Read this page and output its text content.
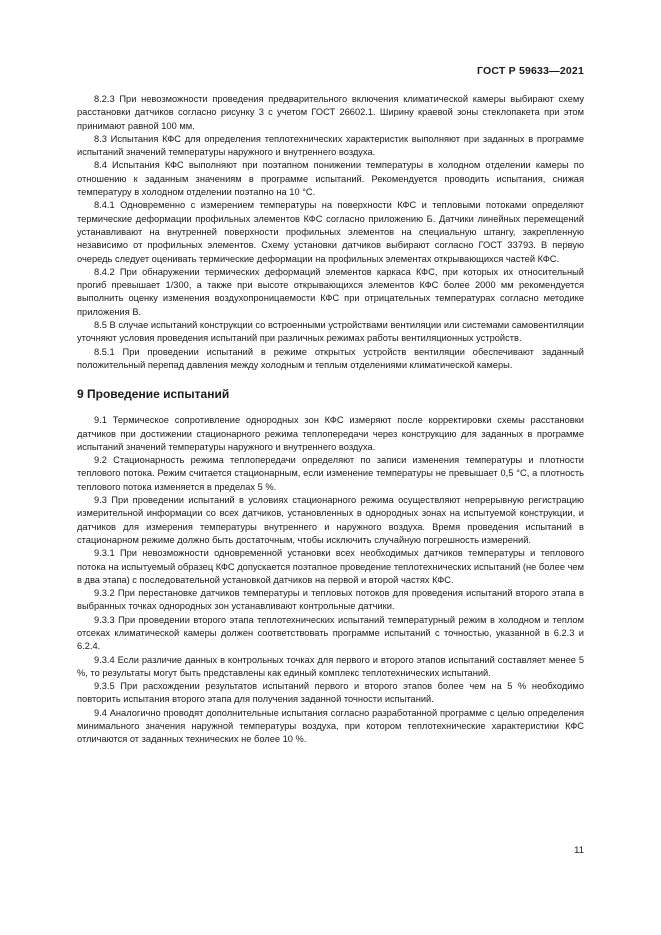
ГОСТ Р 59633—2021

8.2.3 При невозможности проведения предварительного включения климатической камеры выбирают схему расстановки датчиков согласно рисунку 3 с учетом ГОСТ 26602.1. Ширину краевой зоны стеклопакета при этом принимают равной 100 мм.

8.3 Испытания КФС для определения теплотехнических характеристик выполняют при заданных в программе испытаний значений температуры наружного и внутреннего воздуха.

8.4 Испытания КФС выполняют при поэтапном понижении температуры в холодном отделении камеры по отношению к заданным значениям в программе испытаний. Рекомендуется проводить испытания, снижая температуру в холодном отделении поэтапно на 10 °С.

8.4.1 Одновременно с измерением температуры на поверхности КФС и тепловыми потоками определяют термические деформации профильных элементов КФС согласно приложению Б. Датчики линейных перемещений устанавливают на внутренней поверхности профильных элементов на специальную штангу, закрепленную независимо от профильных элементов. Схему установки датчиков выбирают согласно ГОСТ 33793. В первую очередь следует оценивать термические деформации на профильных элементах открывающихся частей КФС.

8.4.2 При обнаружении термических деформаций элементов каркаса КФС, при которых их относительный прогиб превышает 1/300, а также при высоте открывающихся элементов КФС более 2000 мм рекомендуется выполнить оценку изменения воздухопроницаемости КФС при отрицательных температурах согласно методике приложения В.

8.5 В случае испытаний конструкции со встроенными устройствами вентиляции или системами самовентиляции уточняют условия проведения испытаний при различных режимах работы вентиляционных устройств.

8.5.1 При проведении испытаний в режиме открытых устройств вентиляции обеспечивают заданный положительный перепад давления между холодным и теплым отделениями климатической камеры.

9 Проведение испытаний

9.1 Термическое сопротивление однородных зон КФС измеряют после корректировки схемы расстановки датчиков при достижении стационарного режима теплопередачи через конструкцию для заданных в программе испытаний значений температуры наружного и внутреннего воздуха.

9.2 Стационарность режима теплопередачи определяют по записи изменения температуры и плотности теплового потока. Режим считается стационарным, если изменение температуры не превышает 0,5 °С, а плотность теплового потока изменяется в пределах 5 %.

9.3 При проведении испытаний в условиях стационарного режима осуществляют непрерывную регистрацию измерительной информации со всех датчиков, установленных в однородных зонах на испытуемой конструкции, и датчиков для измерения температуры внутреннего и наружного воздуха. Время проведения испытаний в стационарном режиме должно быть достаточным, чтобы исключить случайную погрешность измерений.

9.3.1 При невозможности одновременной установки всех необходимых датчиков температуры и теплового потока на испытуемый образец КФС допускается поэтапное проведение теплотехнических испытаний (не более чем в два этапа) с последовательной установкой датчиков на первой и второй частях КФС.

9.3.2 При перестановке датчиков температуры и тепловых потоков для проведения испытаний второго этапа в выбранных точках однородных зон устанавливают контрольные датчики.

9.3.3 При проведении второго этапа теплотехнических испытаний температурный режим в холодном и теплом отсеках климатической камеры должен соответствовать программе испытаний с точностью, указанной в 6.2.3 и 6.2.4.

9.3.4 Если различие данных в контрольных точках для первого и второго этапов испытаний составляет менее 5 %, то результаты могут быть представлены как единый комплекс теплотехнических испытаний.

9.3.5 При расхождении результатов испытаний первого и второго этапов более чем на 5 % необходимо повторить испытания второго этапа для получения заданной точности испытаний.

9.4 Аналогично проводят дополнительные испытания согласно разработанной программе с целью определения минимального значения наружной температуры воздуха, при котором теплотехнические характеристики КФС отличаются от заданных технических не более 10 %.

11
